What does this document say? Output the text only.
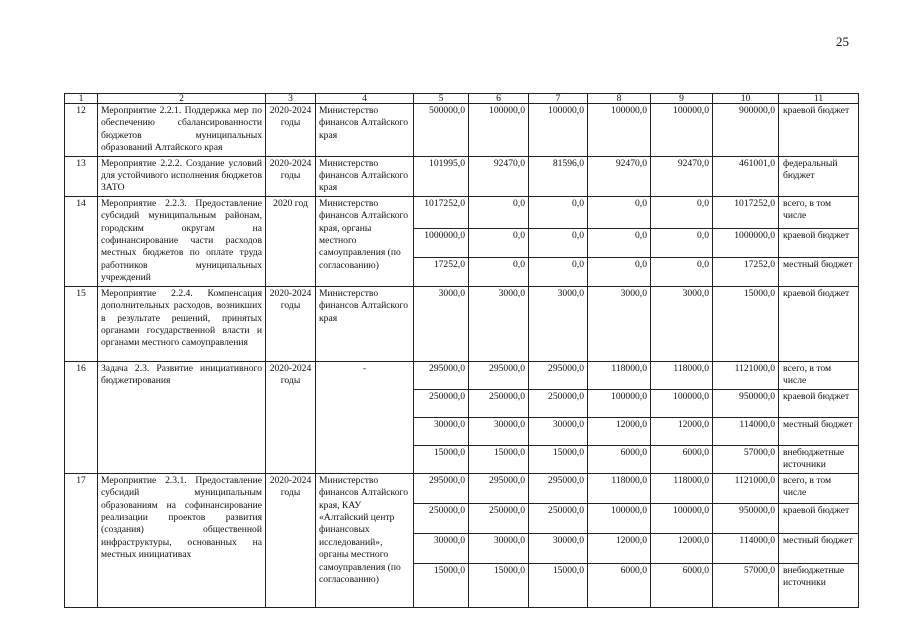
25
1	2	3	4	5	6	7	8	9	10	11
12	Мероприятие 2.2.1. Поддержка мер по обеспечению сбалансированности бюджетов муниципальных образований Алтайского края	2020-2024 годы	Министерство финансов Алтайского края	500000,0	100000,0	100000,0	100000,0	100000,0	900000,0	краевой бюджет
13	Мероприятие 2.2.2. Создание условий для устойчивого исполнения бюджетов ЗАТО	2020-2024 годы	Министерство финансов Алтайского края	101995,0	92470,0	81596,0	92470,0	92470,0	461001,0	федеральный бюджет
14	Мероприятие 2.2.3. Предоставление субсидий муниципальным районам, городским округам на софинансирование части расходов местных бюджетов по оплате труда работников муниципальных учреждений	2020 год	Министерство финансов Алтайского края, органы местного самоуправления (по согласованию)	1017252,0	0,0	0,0	0,0	0,0	1017252,0	всего, в том числе
				1000000,0	0,0	0,0	0,0	0,0	1000000,0	краевой бюджет
				17252,0	0,0	0,0	0,0	0,0	17252,0	местный бюджет
15	Мероприятие 2.2.4. Компенсация дополнительных расходов, возникших в результате решений, принятых органами государственной власти и органами местного самоуправления	2020-2024 годы	Министерство финансов Алтайского края	3000,0	3000,0	3000,0	3000,0	3000,0	15000,0	краевой бюджет
16	Задача 2.3. Развитие инициативного бюджетирования	2020-2024 годы	-	295000,0	295000,0	295000,0	118000,0	118000,0	1121000,0	всего, в том числе
				250000,0	250000,0	250000,0	100000,0	100000,0	950000,0	краевой бюджет
				30000,0	30000,0	30000,0	12000,0	12000,0	114000,0	местный бюджет
				15000,0	15000,0	15000,0	6000,0	6000,0	57000,0	внебюджетные источники
17	Мероприятие 2.3.1. Предоставление субсидий муниципальным образованиям на софинансирование реализации проектов развития (создания) общественной инфраструктуры, основанных на местных инициативах	2020-2024 годы	Министерство финансов Алтайского края, КАУ «Алтайский центр финансовых исследований», органы местного самоуправления (по согласованию)	295000,0	295000,0	295000,0	118000,0	118000,0	1121000,0	всего, в том числе
				250000,0	250000,0	250000,0	100000,0	100000,0	950000,0	краевой бюджет
				30000,0	30000,0	30000,0	12000,0	12000,0	114000,0	местный бюджет
				15000,0	15000,0	15000,0	6000,0	6000,0	57000,0	внебюджетные источники
